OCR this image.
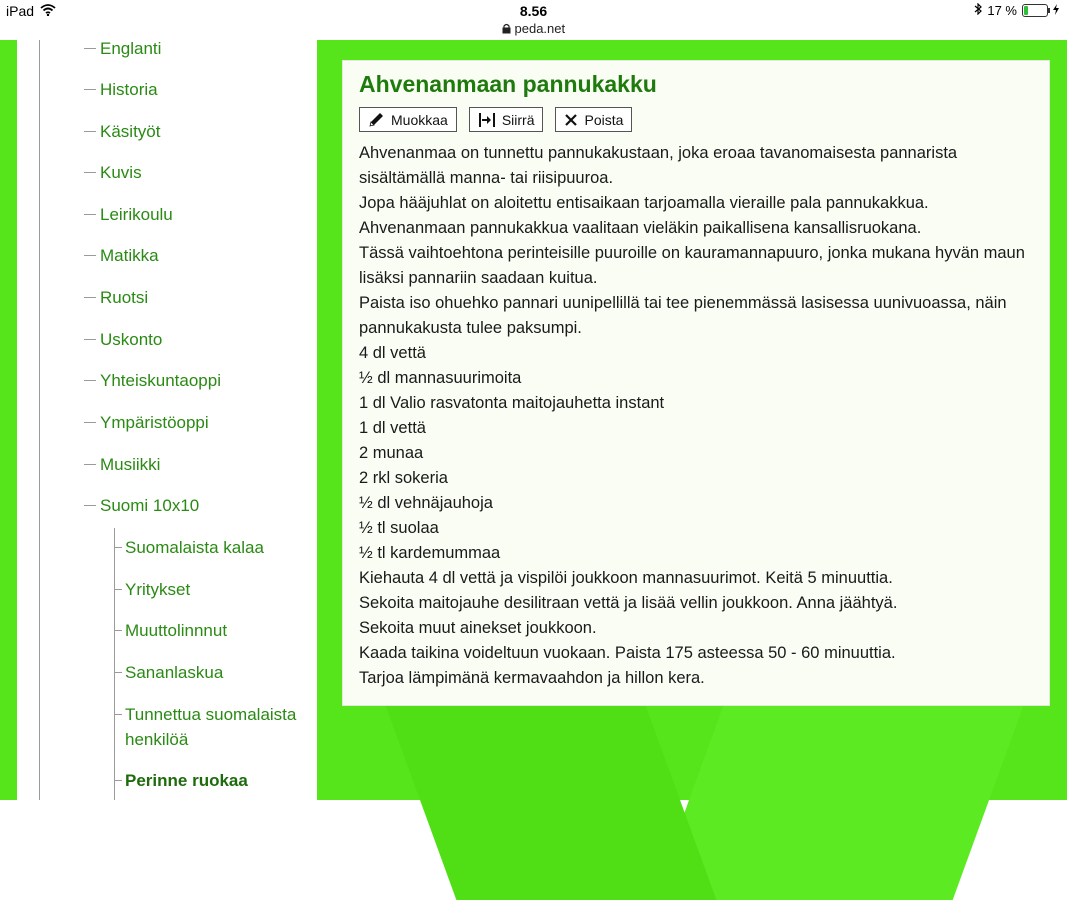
iPad	8.56
peda.net
17 %
Englanti
Historia
Käsityöt
Kuvis
Leirikoulu
Matikka
Ruotsi
Uskonto
Yhteiskuntaoppi
Ympäristöoppi
Musiikki
Suomi 10x10
Suomalaista kalaa
Yritykset
Muuttolinnnut
Sananlaskua
Tunnettua suomalaista henkilöä
Perinne ruokaa
Ahvenanmaan pannukakku
Muokkaa	Siirrä	Poista

Ahvenanmaa on tunnettu pannukakustaan, joka eroaa tavanomaisesta pannarista

sisältämällä manna- tai riisipuuroa.

Jopa hääjuhlat on aloitettu entisaikaan tarjoamalla vieraille pala pannukakkua.

Ahvenanmaan pannukakkua vaalitaan vieläkin paikallisena kansallisruokana.

Tässä vaihtoehtona perinteisille puuroille on kauramannapuuro, jonka mukana hyvän maun

lisäksi pannariin saadaan kuitua.

Paista iso ohuehko pannari uunipellillä tai tee pienemmässä lasisessa uunivuoassa, näin

pannukakusta tulee paksumpi.

4 dl vettä

½ dl mannasuurimoita

1 dl Valio rasvatonta maitojauhetta instant

1 dl vettä

2 munaa

2 rkl sokeria

½ dl vehnäjauhoja

½ tl suolaa

½ tl kardemummaa

Kiehauta 4 dl vettä ja vispilöi joukkoon mannasuurimot. Keitä 5 minuuttia.

Sekoita maitojauhe desilitraan vettä ja lisää vellin joukkoon. Anna jäähtyä.

Sekoita muut ainekset joukkoon.

Kaada taikina voideltuun vuokaan. Paista 175 asteessa 50 - 60 minuuttia.

Tarjoa lämpimänä kermavaahdon ja hillon kera.
